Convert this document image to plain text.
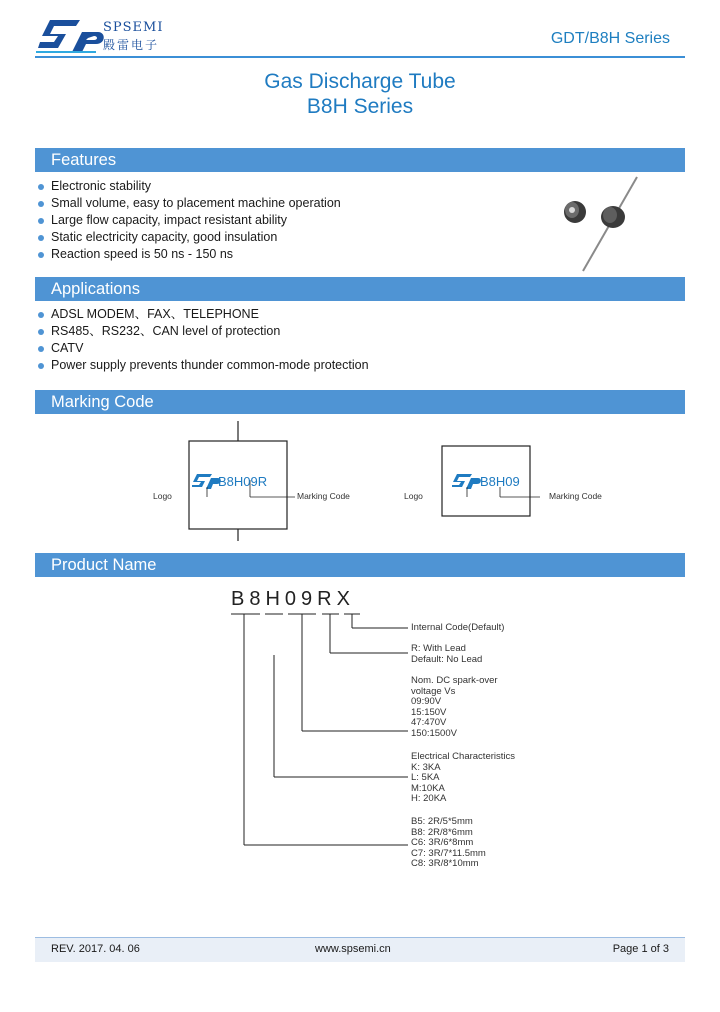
SPSEMI
殿雷电子	GDT/B8H Series
Gas Discharge Tube
B8H Series
Features
Electronic stability
Small volume, easy to placement machine operation
Large flow capacity, impact resistant ability
Static electricity capacity, good insulation
Reaction speed is 50 ns - 150 ns
Applications
ADSL MODEM、FAX、TELEPHONE
RS485、RS232、CAN level of protection
CATV
Power supply prevents thunder common-mode protection
Marking Code
B8H09R	B8H09
Logo	Marking Code	Logo	Marking Code
Product Name
B8H09RX
Internal Code(Default)
R: With Lead
Default: No Lead
Nom. DC spark-over
voltage Vs
09:90V
15:150V
47:470V
150:1500V
Electrical Characteristics
K: 3KA
L: 5KA
M:10KA
H: 20KA
B5: 2R/5*5mm
B8: 2R/8*6mm
C6: 3R/6*8mm
C7: 3R/7*11.5mm
C8: 3R/8*10mm
REV. 2017. 04. 06	www.spsemi.cn	Page 1 of 3
